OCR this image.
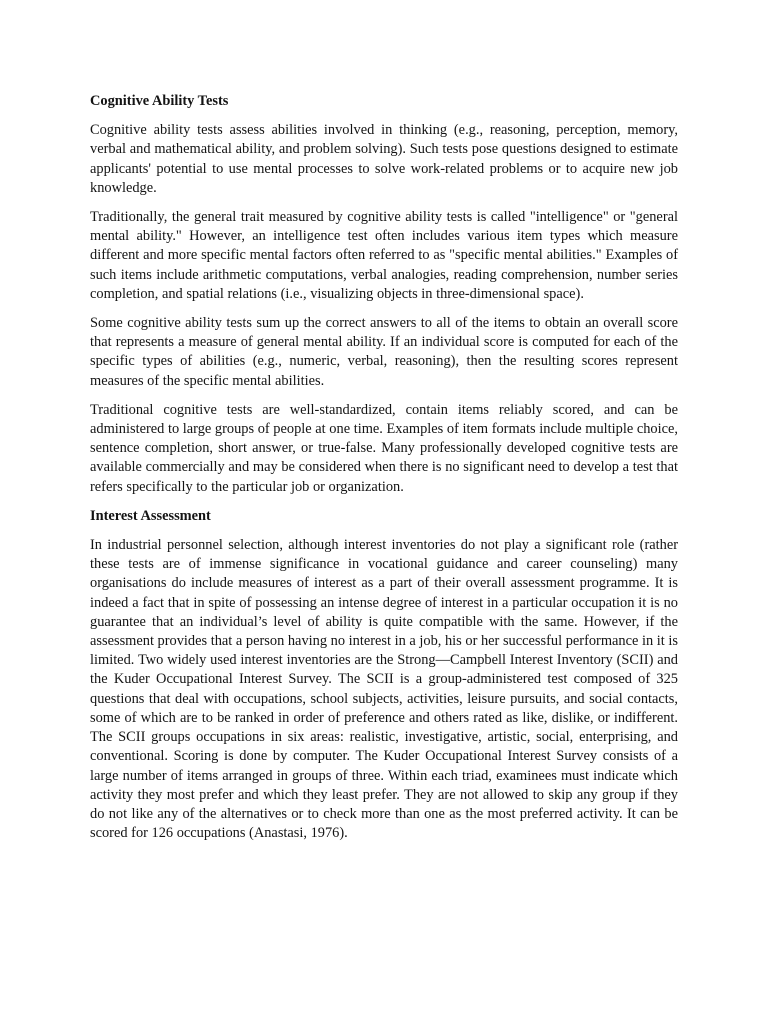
Cognitive Ability Tests

Cognitive ability tests assess abilities involved in thinking (e.g., reasoning, perception, memory, verbal and mathematical ability, and problem solving). Such tests pose questions designed to estimate applicants' potential to use mental processes to solve work-related problems or to acquire new job knowledge.

Traditionally, the general trait measured by cognitive ability tests is called "intelligence" or "general mental ability." However, an intelligence test often includes various item types which measure different and more specific mental factors often referred to as "specific mental abilities." Examples of such items include arithmetic computations, verbal analogies, reading comprehension, number series completion, and spatial relations (i.e., visualizing objects in three-dimensional space).

Some cognitive ability tests sum up the correct answers to all of the items to obtain an overall score that represents a measure of general mental ability. If an individual score is computed for each of the specific types of abilities (e.g., numeric, verbal, reasoning), then the resulting scores represent measures of the specific mental abilities.

Traditional cognitive tests are well-standardized, contain items reliably scored, and can be administered to large groups of people at one time. Examples of item formats include multiple choice, sentence completion, short answer, or true-false. Many professionally developed cognitive tests are available commercially and may be considered when there is no significant need to develop a test that refers specifically to the particular job or organization.

Interest Assessment

In industrial personnel selection, although interest inventories do not play a significant role (rather these tests are of immense significance in vocational guidance and career counseling) many organisations do include measures of interest as a part of their overall assessment programme. It is indeed a fact that in spite of possessing an intense degree of interest in a particular occupation it is no guarantee that an individual’s level of ability is quite compatible with the same. However, if the assessment provides that a person having no interest in a job, his or her successful performance in it is limited. Two widely used interest inventories are the Strong—Campbell Interest Inventory (SCII) and the Kuder Occupational Interest Survey. The SCII is a group-administered test composed of 325 questions that deal with occupations, school subjects, activities, leisure pursuits, and social contacts, some of which are to be ranked in order of preference and others rated as like, dislike, or indifferent. The SCII groups occupations in six areas: realistic, investigative, artistic, social, enterprising, and conventional. Scoring is done by computer. The Kuder Occupational Interest Survey consists of a large number of items arranged in groups of three. Within each triad, examinees must indicate which activity they most prefer and which they least prefer. They are not allowed to skip any group if they do not like any of the alternatives or to check more than one as the most preferred activity. It can be scored for 126 occupations (Anastasi, 1976).
